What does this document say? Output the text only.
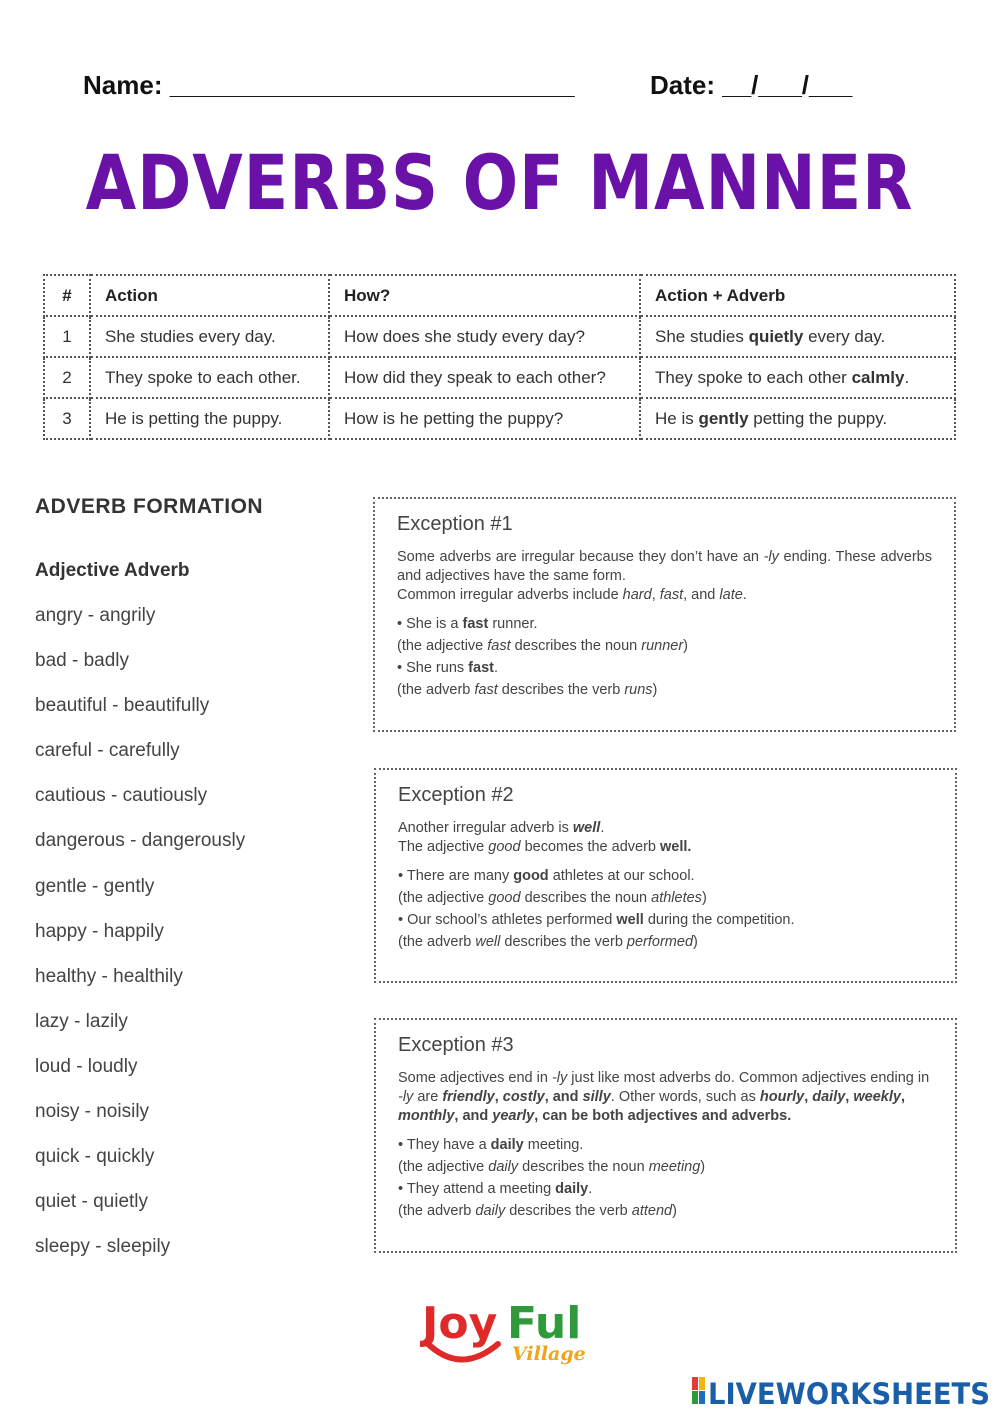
Name: ____________________________	Date: __/___/___
ADVERBS OF MANNER
#	Action	How?	Action + Adverb
1	She studies every day.	How does she study every day?	She studies quietly every day.
2	They spoke to each other.	How did they speak to each other?	They spoke to each other calmly.
3	He is petting the puppy.	How is he petting the puppy?	He is gently petting the puppy.
ADVERB FORMATION
Adjective Adverb
angry - angrily
bad - badly
beautiful - beautifully
careful - carefully
cautious - cautiously
dangerous - dangerously
gentle - gently
happy - happily
healthy - healthily
lazy - lazily
loud - loudly
noisy - noisily
quick - quickly
quiet - quietly
sleepy - sleepily
Exception #1

Some adverbs are irregular because they don’t have an -ly ending. These adverbs and adjectives have the same form.

Common irregular adverbs include hard, fast, and late.

• She is a fast runner.

(the adjective fast describes the noun runner)

• She runs fast.

(the adverb fast describes the verb runs)

Exception #2

Another irregular adverb is well.

The adjective good becomes the adverb well.

• There are many good athletes at our school.

(the adjective good describes the noun athletes)

• Our school’s athletes performed well during the competition.

(the adverb well describes the verb performed)

Exception #3

Some adjectives end in -ly just like most adverbs do. Common adjectives ending in -ly are friendly, costly, and silly. Other words, such as hourly, daily, weekly, monthly, and yearly, can be both adjectives and adverbs.

• They have a daily meeting.

(the adjective daily describes the noun meeting)

• They attend a meeting daily.

(the adverb daily describes the verb attend)

Joy Ful
Village
LIVEWORKSHEETS
